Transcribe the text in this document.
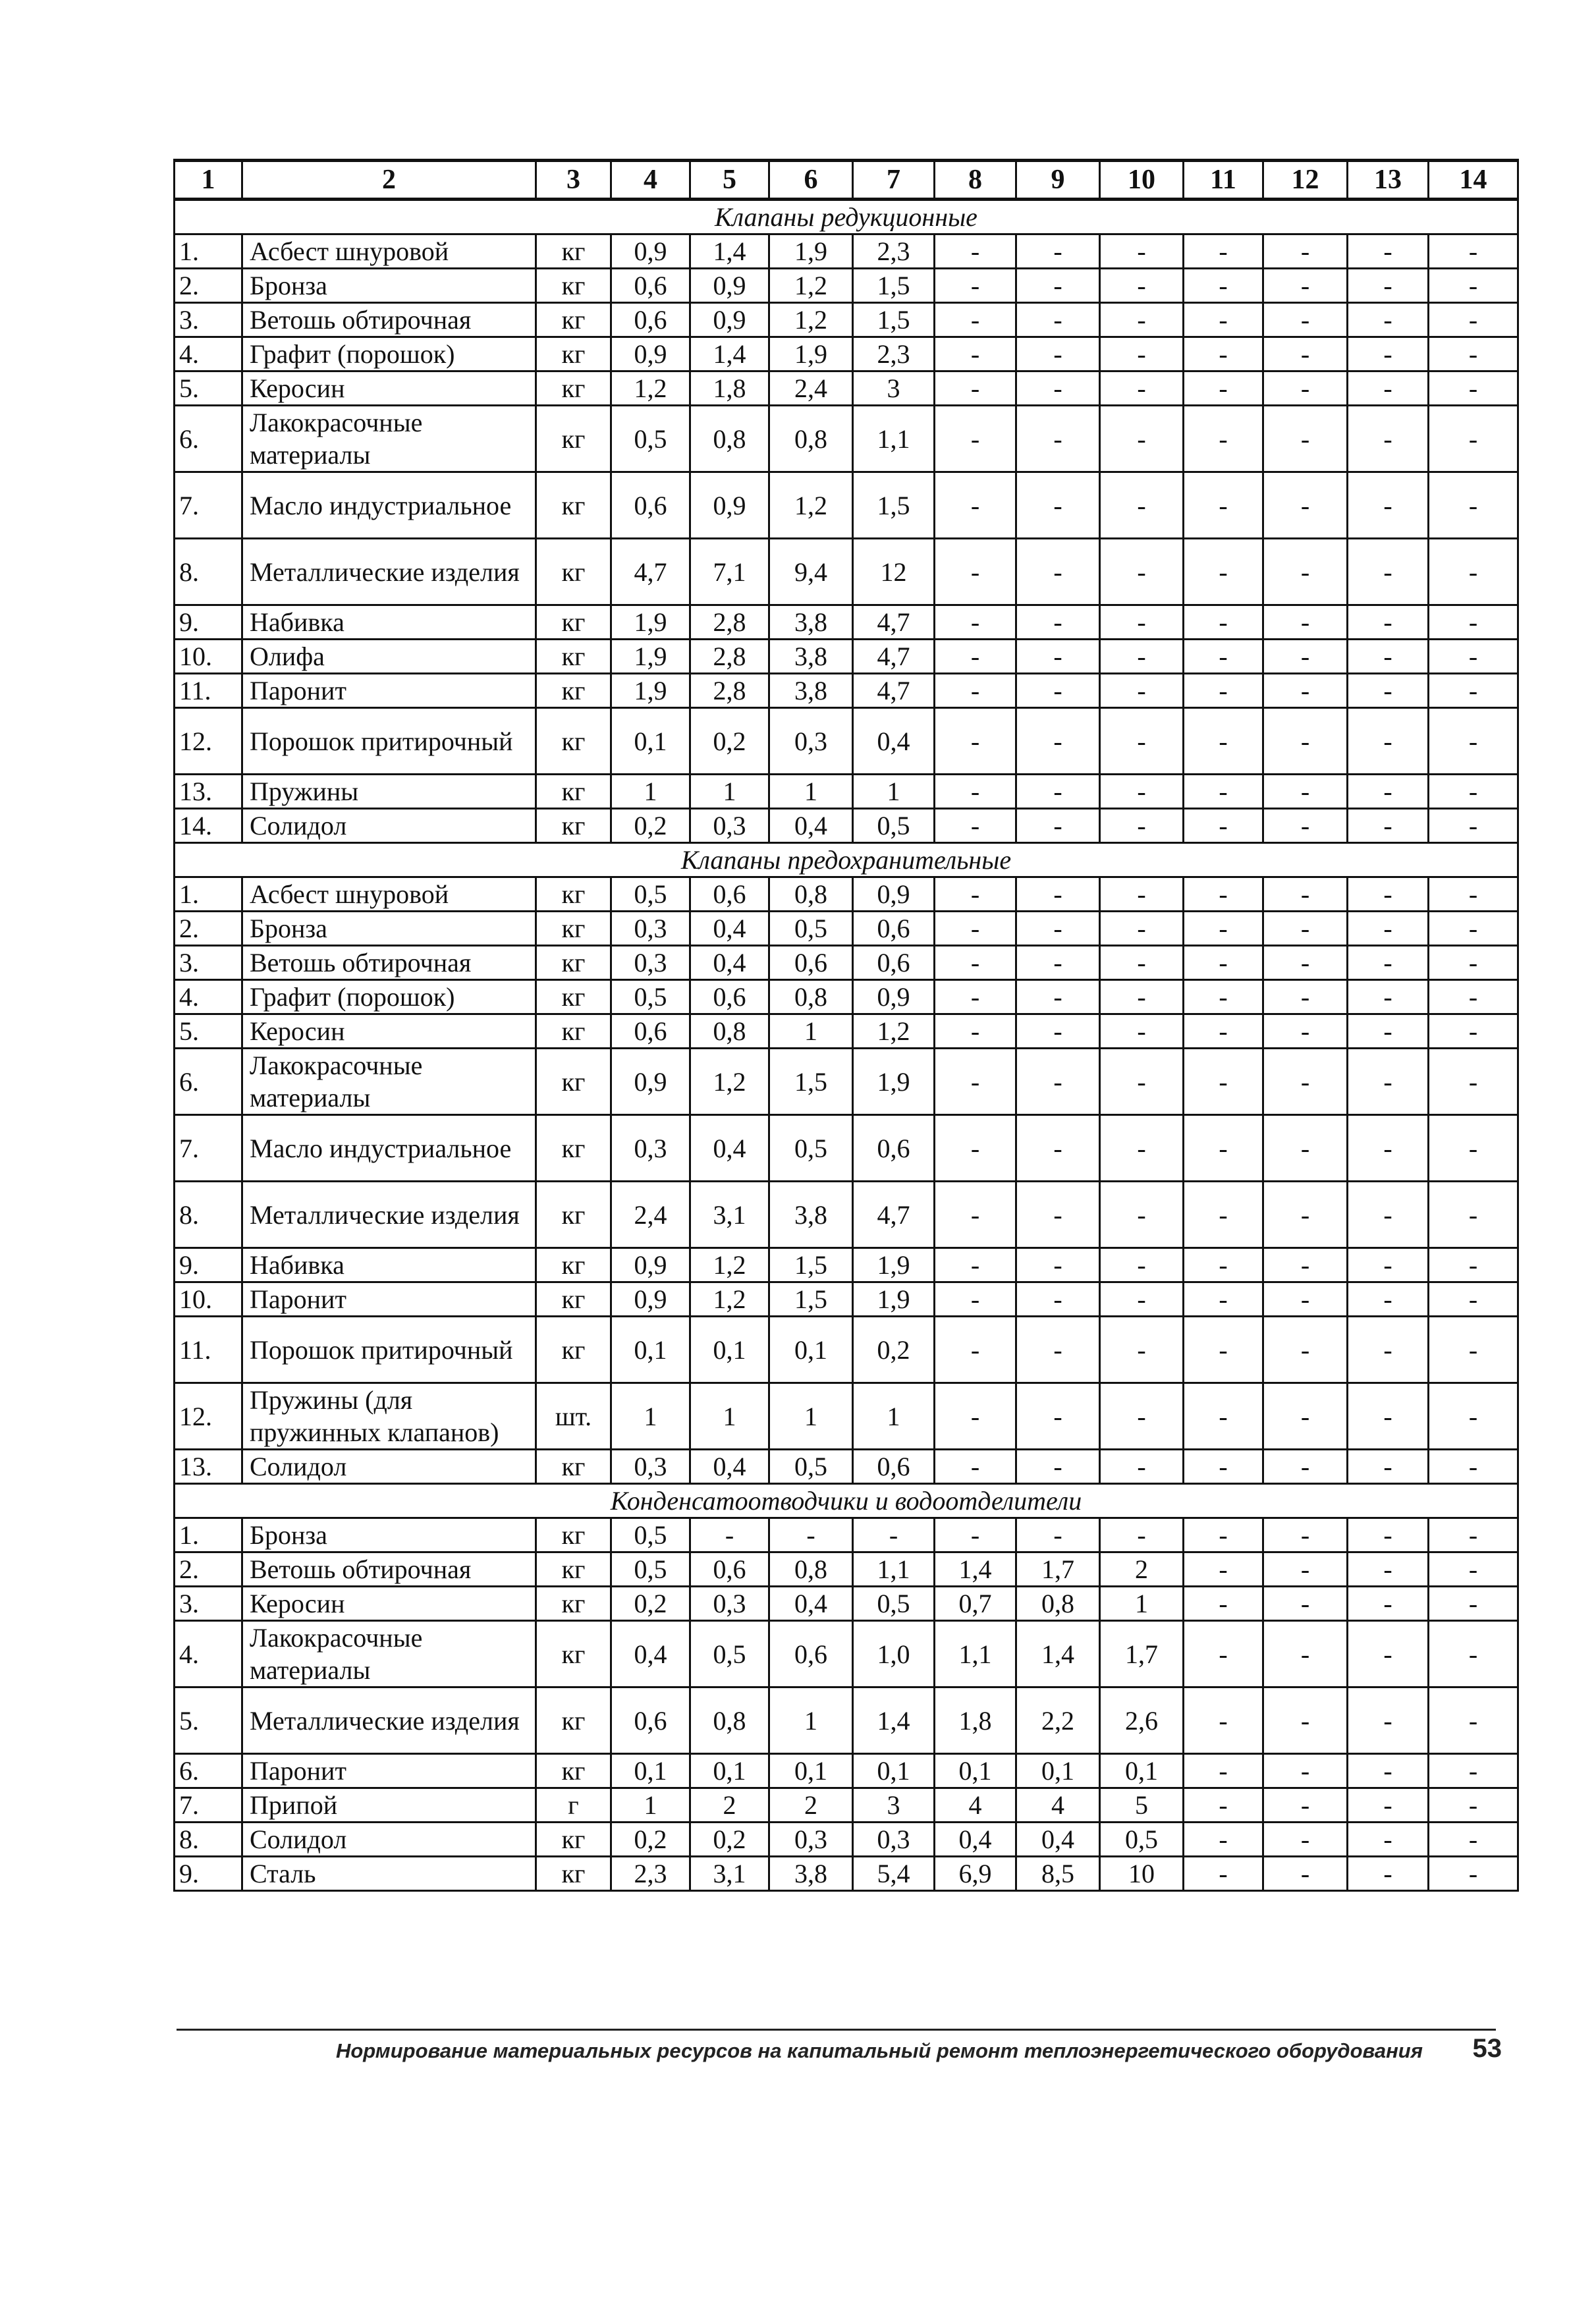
1	2	3	4	5	6	7	8	9	10	11	12	13	14
Клапаны редукционные													
1.	Асбест шнуровой	кг	0,9	1,4	1,9	2,3	-	-	-	-	-	-	-
2.	Бронза	кг	0,6	0,9	1,2	1,5	-	-	-	-	-	-	-
3.	Ветошь обтирочная	кг	0,6	0,9	1,2	1,5	-	-	-	-	-	-	-
4.	Графит (порошок)	кг	0,9	1,4	1,9	2,3	-	-	-	-	-	-	-
5.	Керосин	кг	1,2	1,8	2,4	3	-	-	-	-	-	-	-
6.	Лакокрасочные материалы	кг	0,5	0,8	0,8	1,1	-	-	-	-	-	-	-
7.	Масло индустриальное	кг	0,6	0,9	1,2	1,5	-	-	-	-	-	-	-
8.	Металлические изделия	кг	4,7	7,1	9,4	12	-	-	-	-	-	-	-
9.	Набивка	кг	1,9	2,8	3,8	4,7	-	-	-	-	-	-	-
10.	Олифа	кг	1,9	2,8	3,8	4,7	-	-	-	-	-	-	-
11.	Паронит	кг	1,9	2,8	3,8	4,7	-	-	-	-	-	-	-
12.	Порошок притирочный	кг	0,1	0,2	0,3	0,4	-	-	-	-	-	-	-
13.	Пружины	кг	1	1	1	1	-	-	-	-	-	-	-
14.	Солидол	кг	0,2	0,3	0,4	0,5	-	-	-	-	-	-	-
Клапаны предохранительные													
1.	Асбест шнуровой	кг	0,5	0,6	0,8	0,9	-	-	-	-	-	-	-
2.	Бронза	кг	0,3	0,4	0,5	0,6	-	-	-	-	-	-	-
3.	Ветошь обтирочная	кг	0,3	0,4	0,6	0,6	-	-	-	-	-	-	-
4.	Графит (порошок)	кг	0,5	0,6	0,8	0,9	-	-	-	-	-	-	-
5.	Керосин	кг	0,6	0,8	1	1,2	-	-	-	-	-	-	-
6.	Лакокрасочные материалы	кг	0,9	1,2	1,5	1,9	-	-	-	-	-	-	-
7.	Масло индустриальное	кг	0,3	0,4	0,5	0,6	-	-	-	-	-	-	-
8.	Металлические изделия	кг	2,4	3,1	3,8	4,7	-	-	-	-	-	-	-
9.	Набивка	кг	0,9	1,2	1,5	1,9	-	-	-	-	-	-	-
10.	Паронит	кг	0,9	1,2	1,5	1,9	-	-	-	-	-	-	-
11.	Порошок притирочный	кг	0,1	0,1	0,1	0,2	-	-	-	-	-	-	-
12.	Пружины (для пружинных клапанов)	шт.	1	1	1	1	-	-	-	-	-	-	-
13.	Солидол	кг	0,3	0,4	0,5	0,6	-	-	-	-	-	-	-
Конденсатоотводчики и водоотделители													
1.	Бронза	кг	0,5	-	-	-	-	-	-	-	-	-	-
2.	Ветошь обтирочная	кг	0,5	0,6	0,8	1,1	1,4	1,7	2	-	-	-	-
3.	Керосин	кг	0,2	0,3	0,4	0,5	0,7	0,8	1	-	-	-	-
4.	Лакокрасочные материалы	кг	0,4	0,5	0,6	1,0	1,1	1,4	1,7	-	-	-	-
5.	Металлические изделия	кг	0,6	0,8	1	1,4	1,8	2,2	2,6	-	-	-	-
6.	Паронит	кг	0,1	0,1	0,1	0,1	0,1	0,1	0,1	-	-	-	-
7.	Припой	г	1	2	2	3	4	4	5	-	-	-	-
8.	Солидол	кг	0,2	0,2	0,3	0,3	0,4	0,4	0,5	-	-	-	-
9.	Сталь	кг	2,3	3,1	3,8	5,4	6,9	8,5	10	-	-	-	-
Нормирование материальных ресурсов на капитальный ремонт теплоэнергетического оборудования	53
